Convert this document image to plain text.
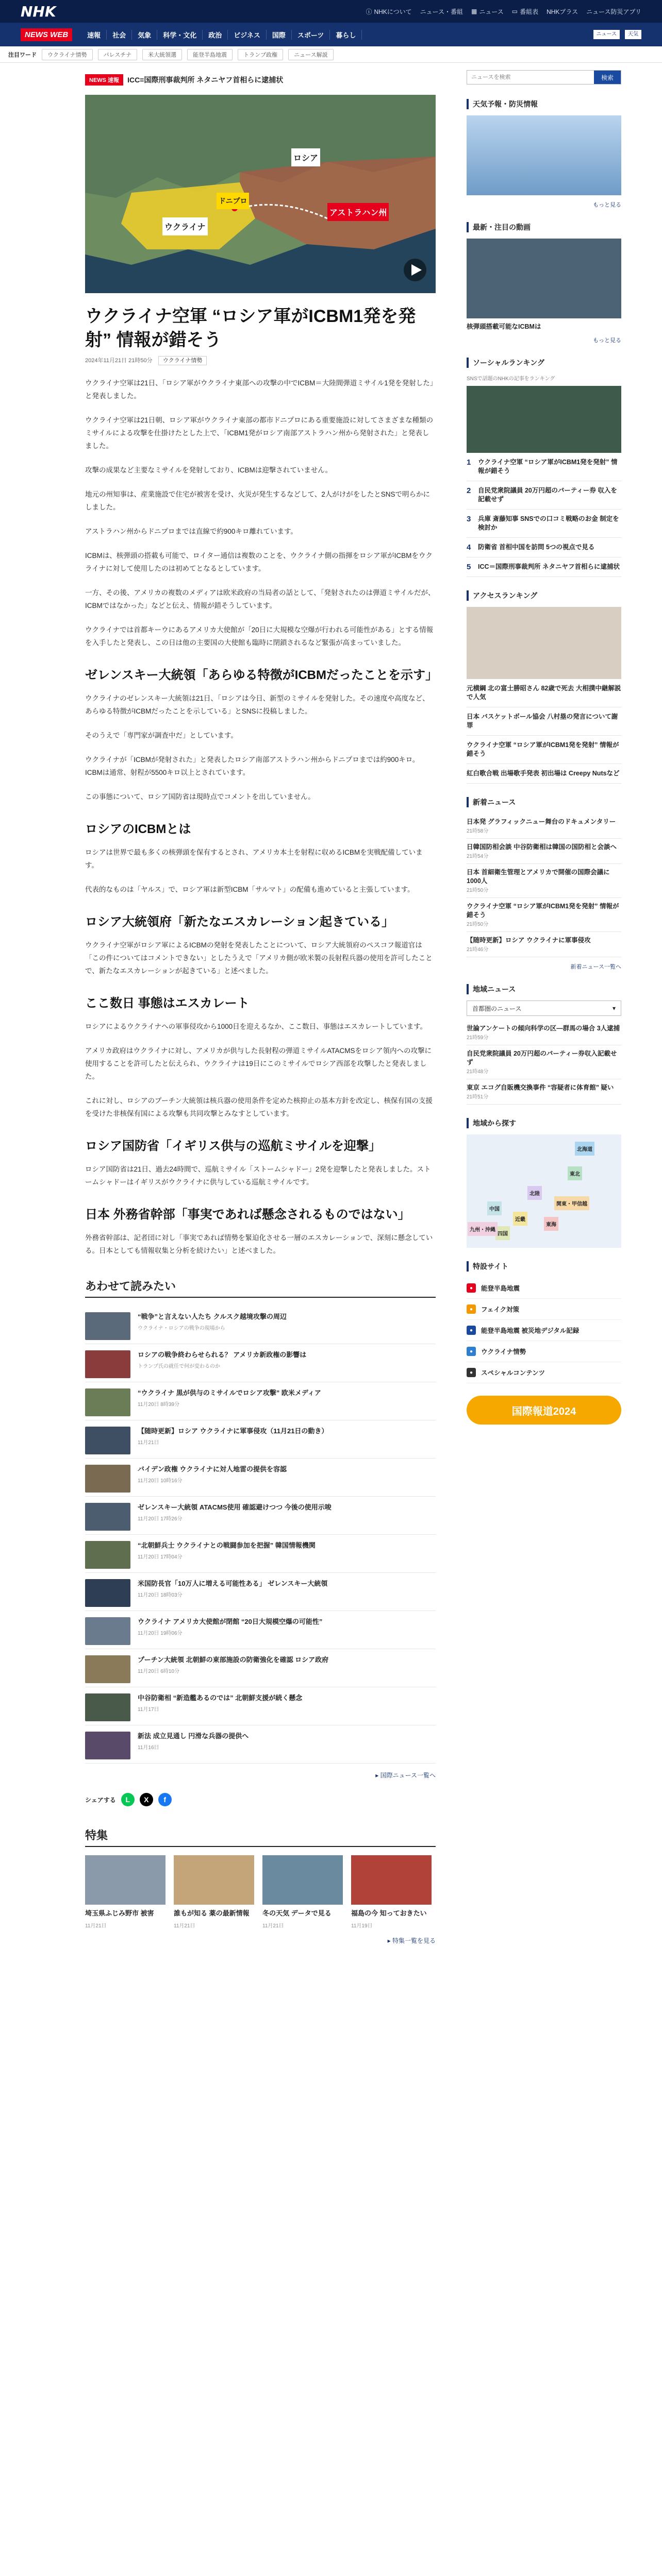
NHK	ⓘ NHKについて ニュース・番組 ▦ ニュース ▭ 番組表 NHKプラス ニュース防災アプリ
NEWS WEB	速報	社会	気象	科学・文化	政治	ビジネス	国際	スポーツ	暮らし	ニュース	天気
注目ワード	ウクライナ情勢	パレスチナ	米大統領選	能登半島地震	トランプ政権	ニュース解説
NEWS 速報	ICC=国際刑事裁判所 ネタニヤフ首相らに逮捕状
ロシア
ドニプロ
アストラハン州
ウクライナ
ウクライナ空軍 “ロシア軍がICBM1発を発射” 情報が錯そう
2024年11月21日 21時50分 ウクライナ情勢

ウクライナ空軍は21日、「ロシア軍がウクライナ東部への攻撃の中でICBM＝大陸間弾道ミサイル1発を発射した」と発表しました。

ウクライナ空軍は21日朝、ロシア軍がウクライナ東部の都市ドニプロにある重要施設に対してさまざまな種類のミサイルによる攻撃を仕掛けたとした上で、「ICBM1発がロシア南部アストラハン州から発射された」と発表しました。

攻撃の成果など主要なミサイルを発射しており、ICBMは迎撃されていません。

地元の州知事は、産業施設で住宅が被害を受け、火災が発生するなどして、2人がけがをしたとSNSで明らかにしました。

アストラハン州からドニプロまでは直線で約900キロ離れています。

ICBMは、核弾頭の搭載も可能で、ロイター通信は複数のことを、ウクライナ側の指揮をロシア軍がICBMをウクライナに対して使用したのは初めてとなるとしています。

一方、その後、アメリカの複数のメディアは欧米政府の当局者の話として、「発射されたのは弾道ミサイルだが、ICBMではなかった」などと伝え、情報が錯そうしています。

ウクライナでは首都キーウにあるアメリカ大使館が「20日に大規模な空爆が行われる可能性がある」とする情報を入手したと発表し、この日は他の主要国の大使館も臨時に閉鎖されるなど緊張が高まっていました。

ゼレンスキー大統領「あらゆる特徴がICBMだったことを示す」

ウクライナのゼレンスキー大統領は21日、「ロシアは今日、新型のミサイルを発射した。その速度や高度など、あらゆる特徴がICBMだったことを示している」とSNSに投稿しました。

そのうえで「専門家が調査中だ」としています。

ウクライナが「ICBMが発射された」と発表したロシア南部アストラハン州からドニプロまでは約900キロ。ICBMは通常、射程が5500キロ以上とされています。

この事態について、ロシア国防省は現時点でコメントを出していません。

ロシアのICBMとは

ロシアは世界で最も多くの核弾頭を保有するとされ、アメリカ本土を射程に収めるICBMを実戦配備しています。

代表的なものは「ヤルス」で、ロシア軍は新型ICBM「サルマト」の配備も進めていると主張しています。

ロシア大統領府「新たなエスカレーション起きている」

ウクライナ空軍がロシア軍によるICBMの発射を発表したことについて、ロシア大統領府のペスコフ報道官は「この件についてはコメントできない」としたうえで「アメリカ側が欧米製の長射程兵器の使用を許可したことで、新たなエスカレーションが起きている」と述べました。

ここ数日 事態はエスカレート

ロシアによるウクライナへの軍事侵攻から1000日を迎えるなか、ここ数日、事態はエスカレートしています。

アメリカ政府はウクライナに対し、アメリカが供与した長射程の弾道ミサイルATACMSをロシア領内への攻撃に使用することを許可したと伝えられ、ウクライナは19日にこのミサイルでロシア西部を攻撃したと発表しました。

これに対し、ロシアのプーチン大統領は核兵器の使用条件を定めた核抑止の基本方針を改定し、核保有国の支援を受けた非核保有国による攻撃も共同攻撃とみなすとしています。

ロシア国防省「イギリス供与の巡航ミサイルを迎撃」

ロシア国防省は21日、過去24時間で、巡航ミサイル「ストームシャドー」2発を迎撃したと発表しました。ストームシャドーはイギリスがウクライナに供与している巡航ミサイルです。

日本 外務省幹部「事実であれば懸念されるものではない」

外務省幹部は、記者団に対し「事実であれば情勢を緊迫化させる一層のエスカレーションで、深刻に懸念している。日本としても情報収集と分析を続けたい」と述べました。

あわせて読みたい
“戦争”と言えない人たち クルスク越境攻撃の周辺
ウクライナ・ロシアの戦争の現場から
ロシアの戦争終わらせられる？ アメリカ新政権の影響は
トランプ氏の就任で何が変わるのか
“ウクライナ 黒が供与のミサイルでロシア攻撃” 欧米メディア
11月20日 8時39分
【随時更新】ロシア ウクライナに軍事侵攻（11月21日の動き）
11月21日
バイデン政権 ウクライナに対人地雷の提供を容認
11月20日 10時16分
ゼレンスキー大統領 ATACMS使用 確認避けつつ 今後の使用示唆
11月20日 17時26分
“北朝鮮兵士 ウクライナとの戦闘参加を把握” 韓国情報機関
11月20日 17時04分
米国防長官「10万人に増える可能性ある」 ゼレンスキー大統領
11月20日 18時03分
ウクライナ アメリカ大使館が閉館 “20日大規模空爆の可能性”
11月20日 19時06分
プーチン大統領 北朝鮮の東部施設の防衛強化を確認 ロシア政府
11月20日 6時10分
中谷防衛相 “新造艦あるのでは” 北朝鮮支援が続く懸念
11月17日
新法 成立見通し 円滑な兵器の提供へ
11月16日
▸ 国際ニュース一覧へ
シェアする	L	X	f
特集
埼玉県ふじみ野市 被害
11月21日
誰もが知る 薬の最新情報
11月21日
冬の天気 データで見る
11月21日
福島の今 知っておきたい
11月19日
▸ 特集一覧を見る
ニュースを検索
検索
天気予報・防災情報
もっと見る
最新・注目の動画
核弾頭搭載可能なICBMは
もっと見る
ソーシャルランキング
SNSで話題のNHKの記事をランキング
1	ウクライナ空軍 “ロシア軍がICBM1発を発射” 情報が錯そう
2	自民党衆院議員 20万円超のパーティー券 収入を記載せず
3	兵庫 斎藤知事 SNSでの口コミ戦略のお金 制定を検討か
4	防衛省 首相中国を訪問 5つの視点で見る
5	ICC＝国際刑事裁判所 ネタニヤフ首相らに逮捕状
アクセスランキング
元横綱 北の富士勝昭さん 82歳で死去 大相撲中継解説で人気
日本 バスケットボール協会 八村塁の発言について謝罪
ウクライナ空軍 “ロシア軍がICBM1発を発射” 情報が錯そう
紅白歌合戦 出場歌手発表 初出場は Creepy Nutsなど
新着ニュース
日本発 グラフィックニュー舞台のドキュメンタリー
21時58分
日韓国防相会談 中谷防衛相は韓国の国防相と会談へ
21時54分
日本 首細衛生管理とアメリカで開催の国際会議に1000人
21時50分
ウクライナ空軍 “ロシア軍がICBM1発を発射” 情報が錯そう
21時50分
【随時更新】ロシア ウクライナに軍事侵攻
21時46分
新着ニュース一覧へ
地域ニュース
首都圏のニュース	▾
世論アンケートの傾向科学の区—群馬の場合 3人逮捕
21時59分
自民党衆院議員 20万円超のパーティー券収入記載せず
21時48分
東京 エコグ自販機交換事件 “容疑者に体育館” 疑い
21時51分
地域から探す
北海道
東北
関東・甲信越
東海
北陸
近畿
中国
四国
九州・沖縄
特設サイト
●	能登半島地震
●	フェイク対策
●	能登半島地震 被災地デジタル記録
●	ウクライナ情勢
●	スペシャルコンテンツ
国際報道2024
